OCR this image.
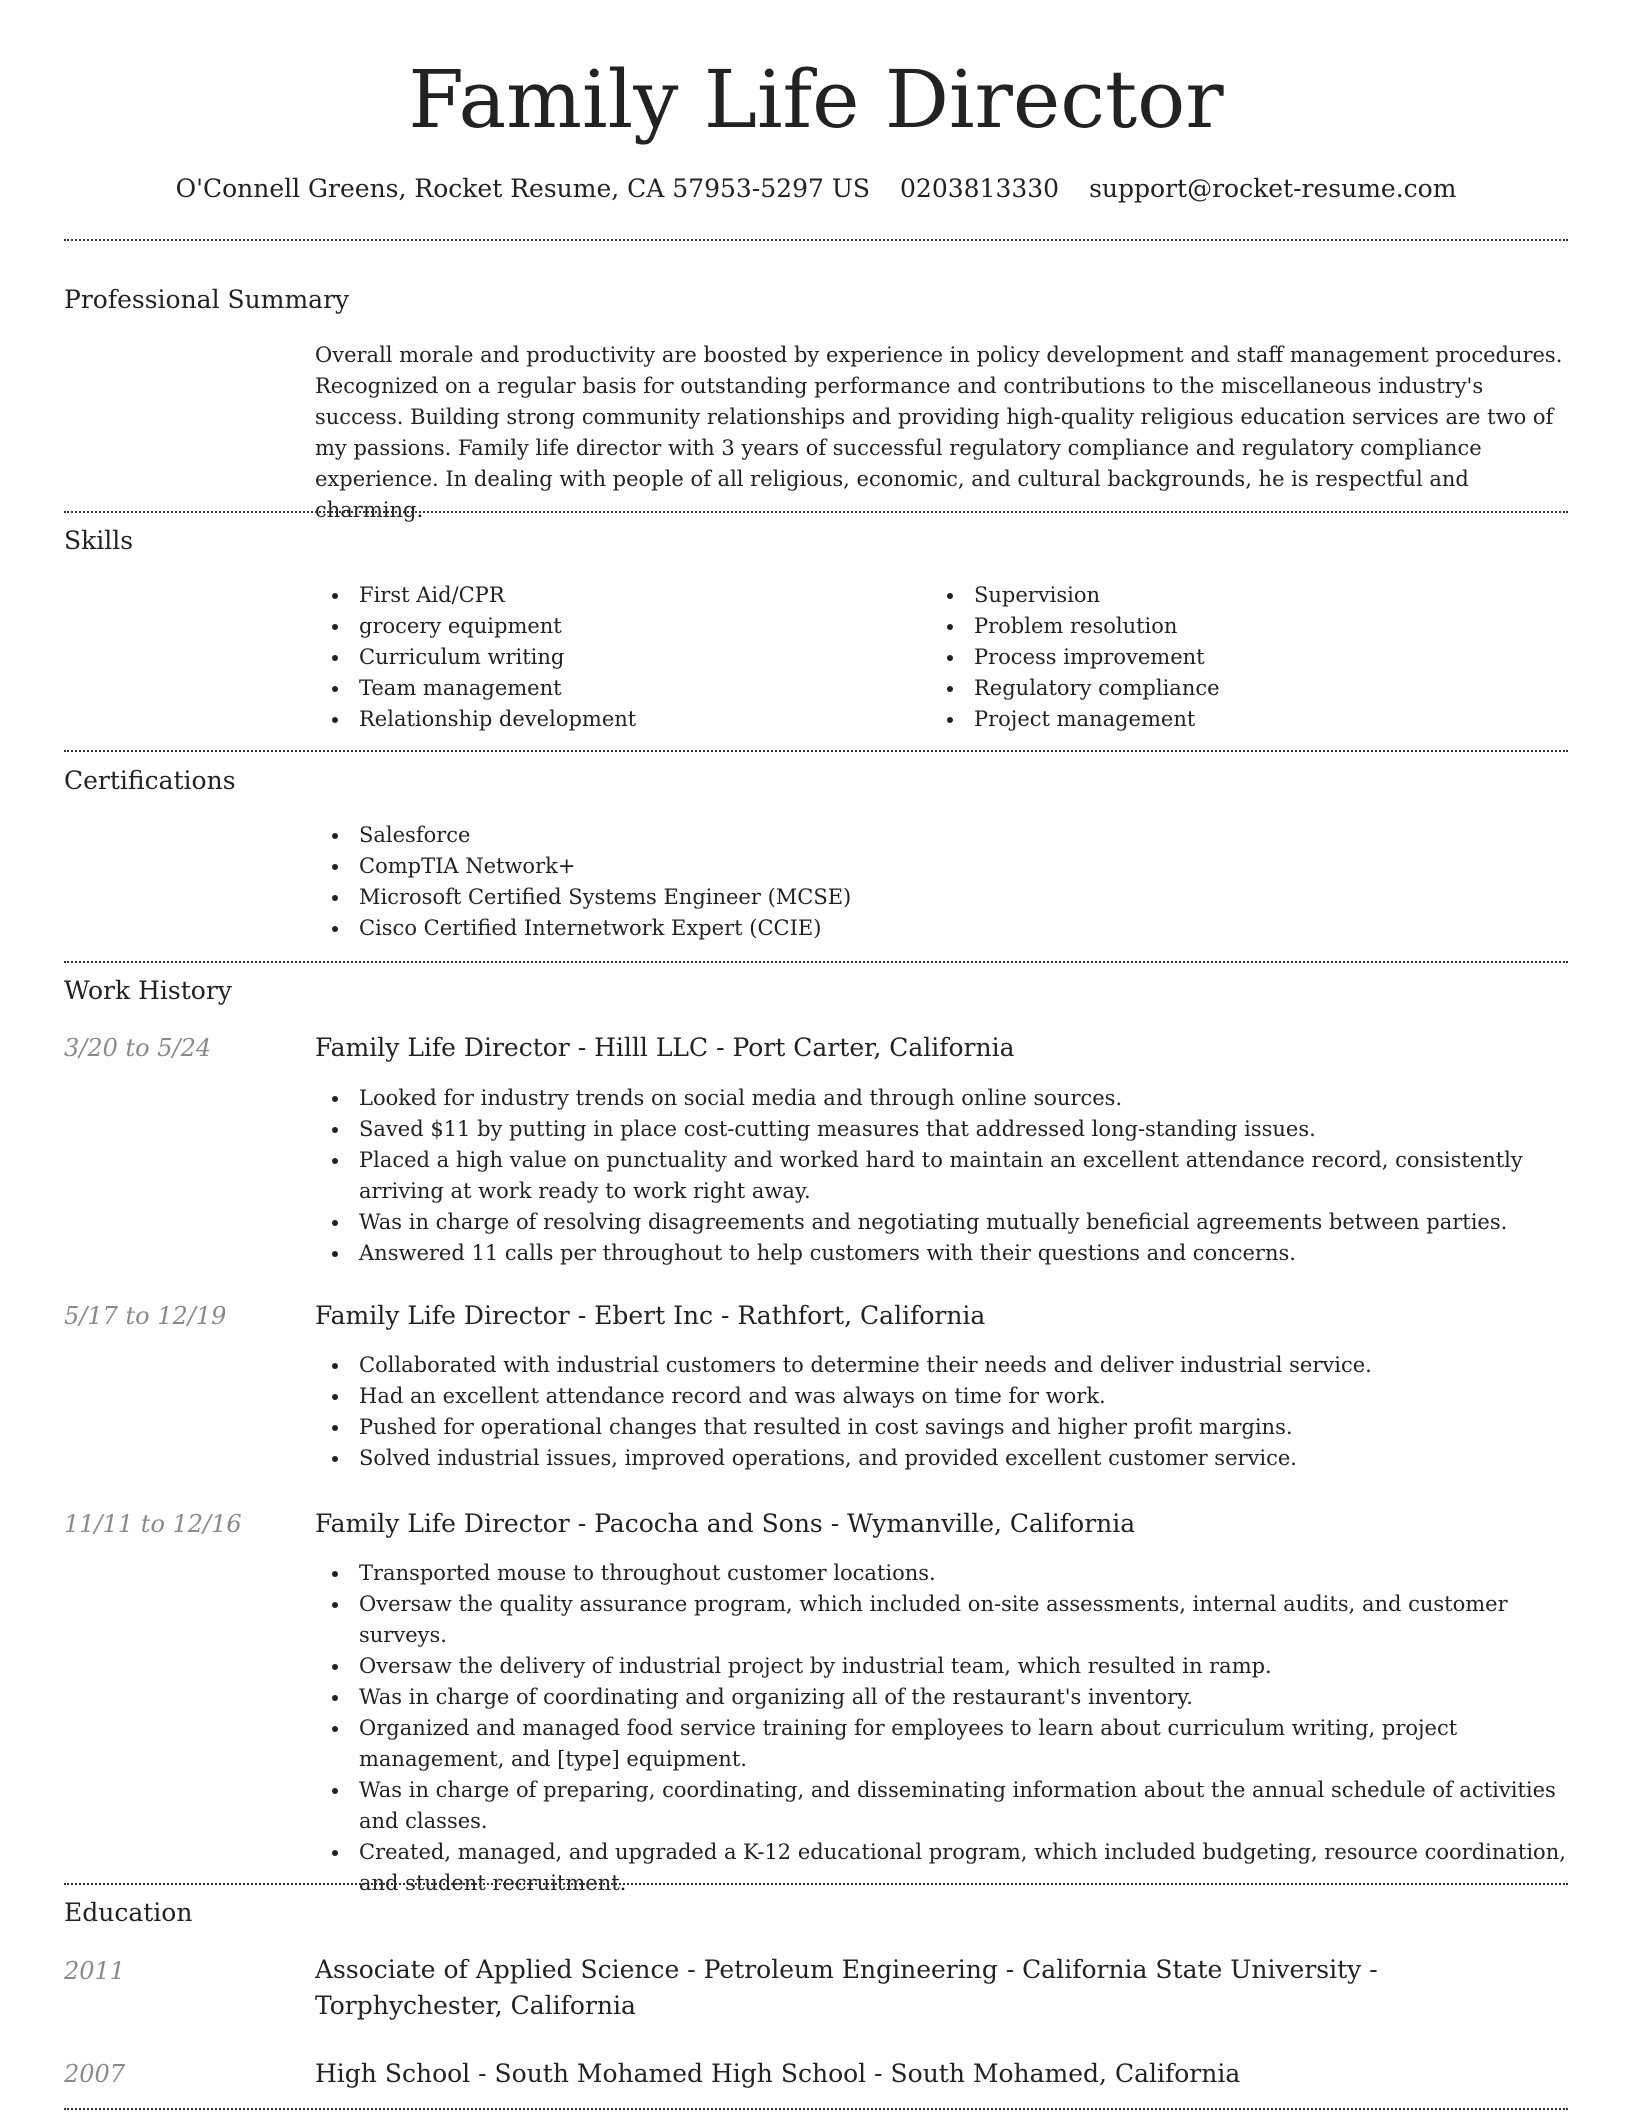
Family Life Director
O'Connell Greens, Rocket Resume, CA 57953-5297 US 0203813330 support@rocket-resume.com
Professional Summary
Overall morale and productivity are boosted by experience in policy development and staff management procedures. Recognized on a regular basis for outstanding performance and contributions to the miscellaneous industry's success. Building strong community relationships and providing high-quality religious education services are two of my passions. Family life director with 3 years of successful regulatory compliance and regulatory compliance experience. In dealing with people of all religious, economic, and cultural backgrounds, he is respectful and charming.
Skills
First Aid/CPR
grocery equipment
Curriculum writing
Team management
Relationship development
Supervision
Problem resolution
Process improvement
Regulatory compliance
Project management
Certifications
Salesforce
CompTIA Network+
Microsoft Certified Systems Engineer (MCSE)
Cisco Certified Internetwork Expert (CCIE)
Work History
3/20 to 5/24	Family Life Director - Hilll LLC - Port Carter, California
Looked for industry trends on social media and through online sources.
Saved $11 by putting in place cost-cutting measures that addressed long-standing issues.
Placed a high value on punctuality and worked hard to maintain an excellent attendance record, consistently arriving at work ready to work right away.
Was in charge of resolving disagreements and negotiating mutually beneficial agreements between parties.
Answered 11 calls per throughout to help customers with their questions and concerns.
5/17 to 12/19	Family Life Director - Ebert Inc - Rathfort, California
Collaborated with industrial customers to determine their needs and deliver industrial service.
Had an excellent attendance record and was always on time for work.
Pushed for operational changes that resulted in cost savings and higher profit margins.
Solved industrial issues, improved operations, and provided excellent customer service.
11/11 to 12/16	Family Life Director - Pacocha and Sons - Wymanville, California
Transported mouse to throughout customer locations.
Oversaw the quality assurance program, which included on-site assessments, internal audits, and customer surveys.
Oversaw the delivery of industrial project by industrial team, which resulted in ramp.
Was in charge of coordinating and organizing all of the restaurant's inventory.
Organized and managed food service training for employees to learn about curriculum writing, project management, and [type] equipment.
Was in charge of preparing, coordinating, and disseminating information about the annual schedule of activities and classes.
Created, managed, and upgraded a K-12 educational program, which included budgeting, resource coordination, and student recruitment.
Education
2011	Associate of Applied Science - Petroleum Engineering - California State University - Torphychester, California
2007	High School - South Mohamed High School - South Mohamed, California
